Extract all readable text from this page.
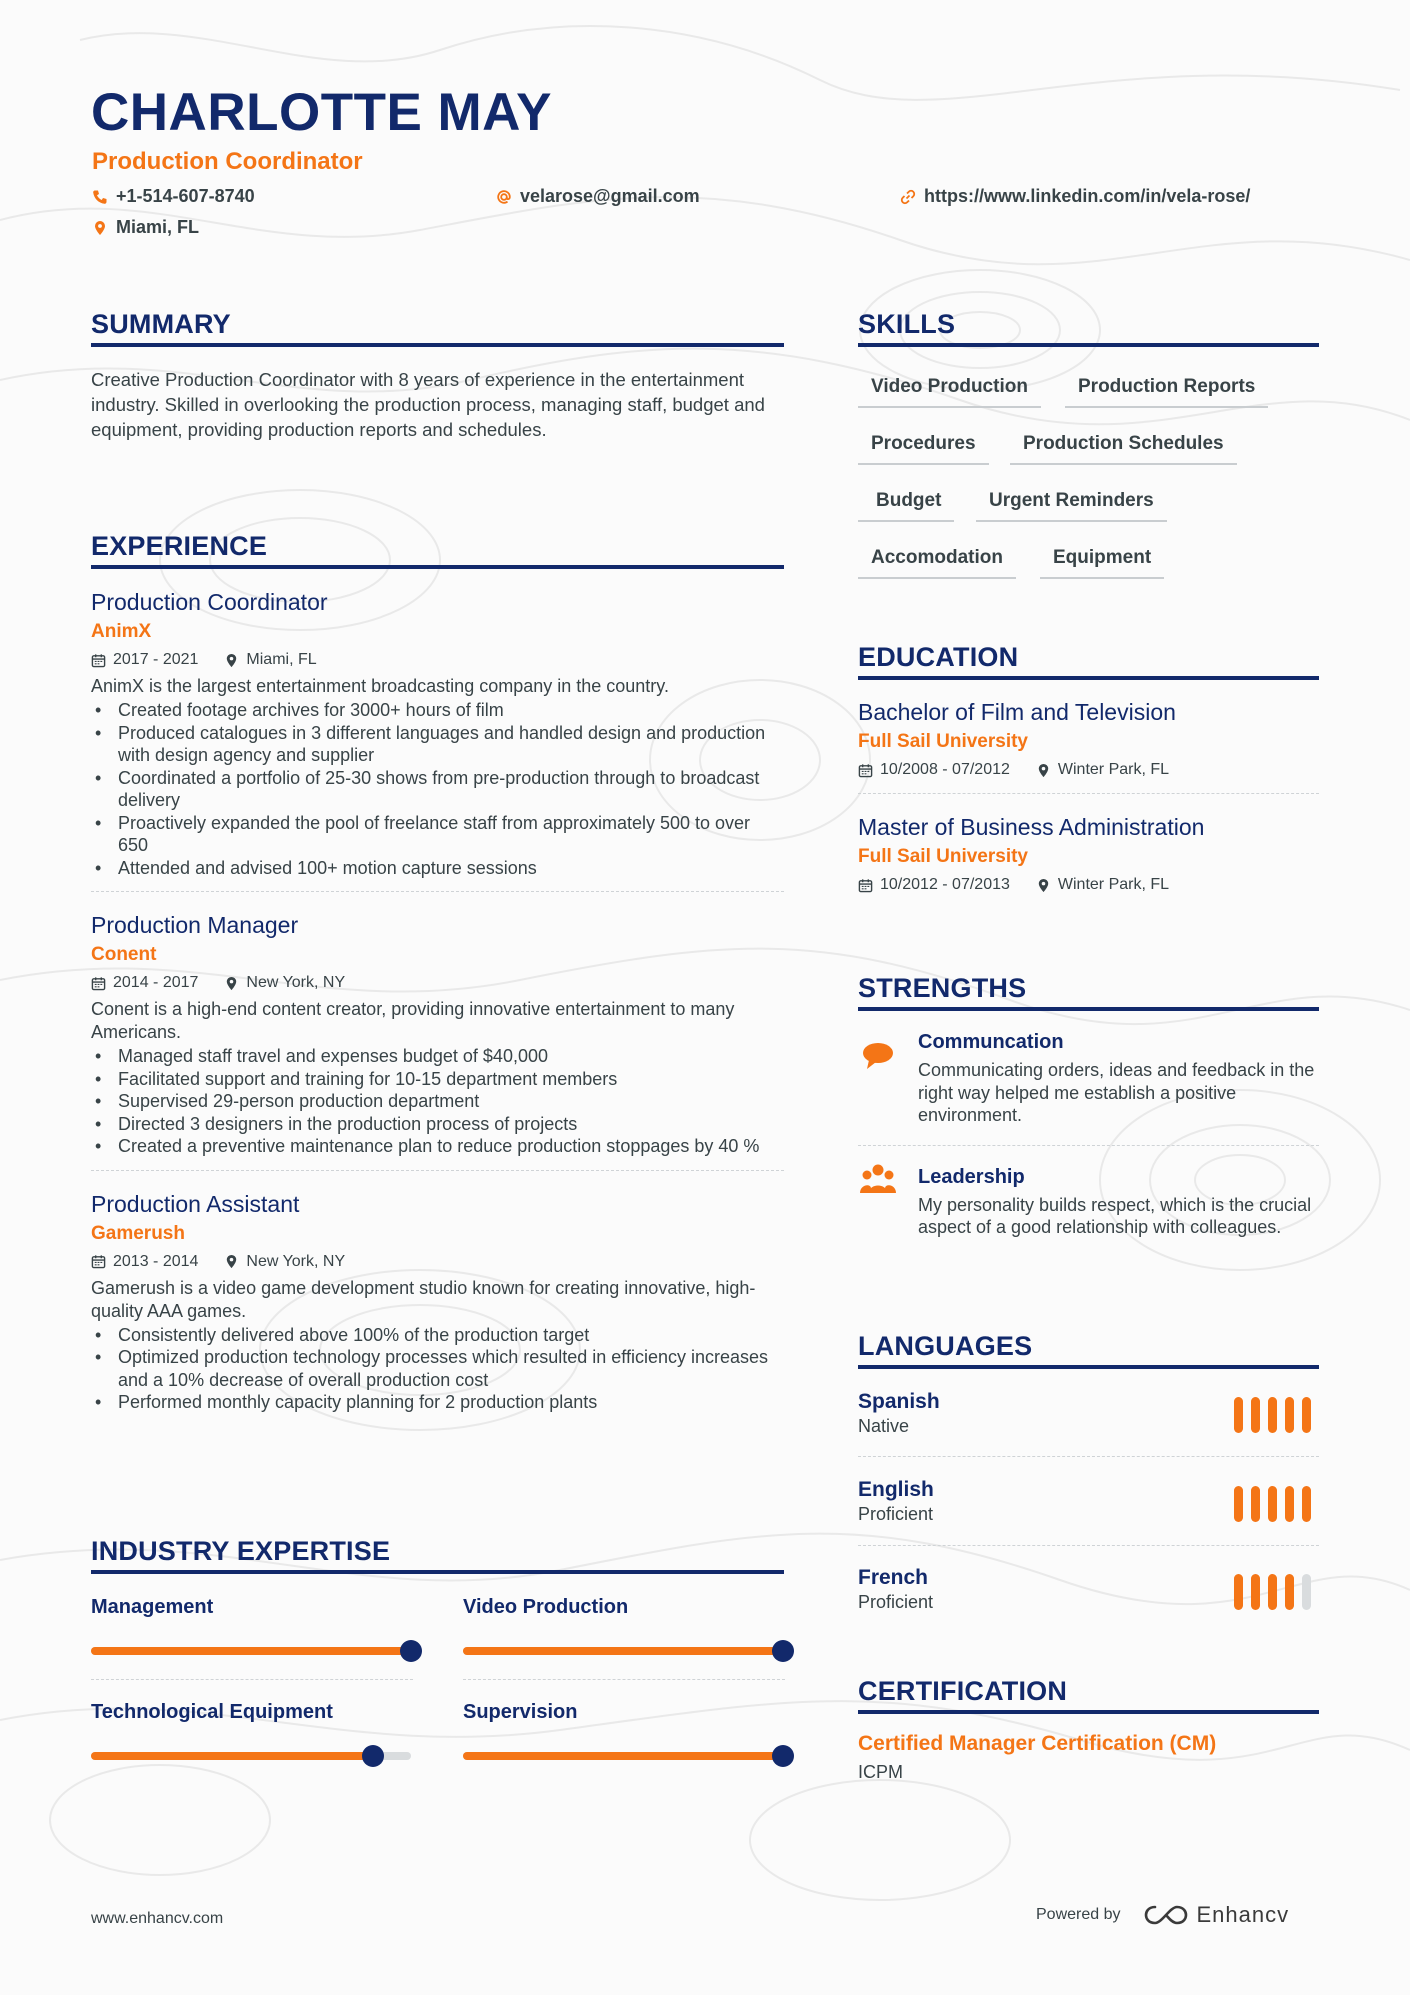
CHARLOTTE MAY
Production Coordinator
+1-514-607-8740	velarose@gmail.com	https://www.linkedin.com/in/vela-rose/
Miami, FL
SUMMARY
Creative Production Coordinator with 8 years of experience in the entertainment industry. Skilled in overlooking the production process, managing staff, budget and equipment, providing production reports and schedules.
EXPERIENCE
Production Coordinator
AnimX
2017 - 2021	Miami, FL
AnimX is the largest entertainment broadcasting company in the country.
• Created footage archives for 3000+ hours of film
• Produced catalogues in 3 different languages and handled design and production with design agency and supplier
• Coordinated a portfolio of 25-30 shows from pre-production through to broadcast delivery
• Proactively expanded the pool of freelance staff from approximately 500 to over 650
• Attended and advised 100+ motion capture sessions
Production Manager
Conent
2014 - 2017	New York, NY
Conent is a high-end content creator, providing innovative entertainment to many Americans.
• Managed staff travel and expenses budget of $40,000
• Facilitated support and training for 10-15 department members
• Supervised 29-person production department
• Directed 3 designers in the production process of projects
• Created a preventive maintenance plan to reduce production stoppages by 40 %
Production Assistant
Gamerush
2013 - 2014	New York, NY
Gamerush is a video game development studio known for creating innovative, high-quality AAA games.
• Consistently delivered above 100% of the production target
• Optimized production technology processes which resulted in efficiency increases and a 10% decrease of overall production cost
• Performed monthly capacity planning for 2 production plants
INDUSTRY EXPERTISE
Management	Video Production
Technological Equipment	Supervision
SKILLS
Video Production	Production Reports
Procedures	Production Schedules
Budget	Urgent Reminders
Accomodation	Equipment
EDUCATION
Bachelor of Film and Television
Full Sail University
10/2008 - 07/2012	Winter Park, FL
Master of Business Administration
Full Sail University
10/2012 - 07/2013	Winter Park, FL
STRENGTHS
Communcation
Communicating orders, ideas and feedback in the right way helped me establish a positive environment.
Leadership
My personality builds respect, which is the crucial aspect of a good relationship with colleagues.
LANGUAGES
Spanish
Native
English
Proficient
French
Proficient
CERTIFICATION
Certified Manager Certification (CM)
ICPM
www.enhancv.com	Powered by	Enhancv
